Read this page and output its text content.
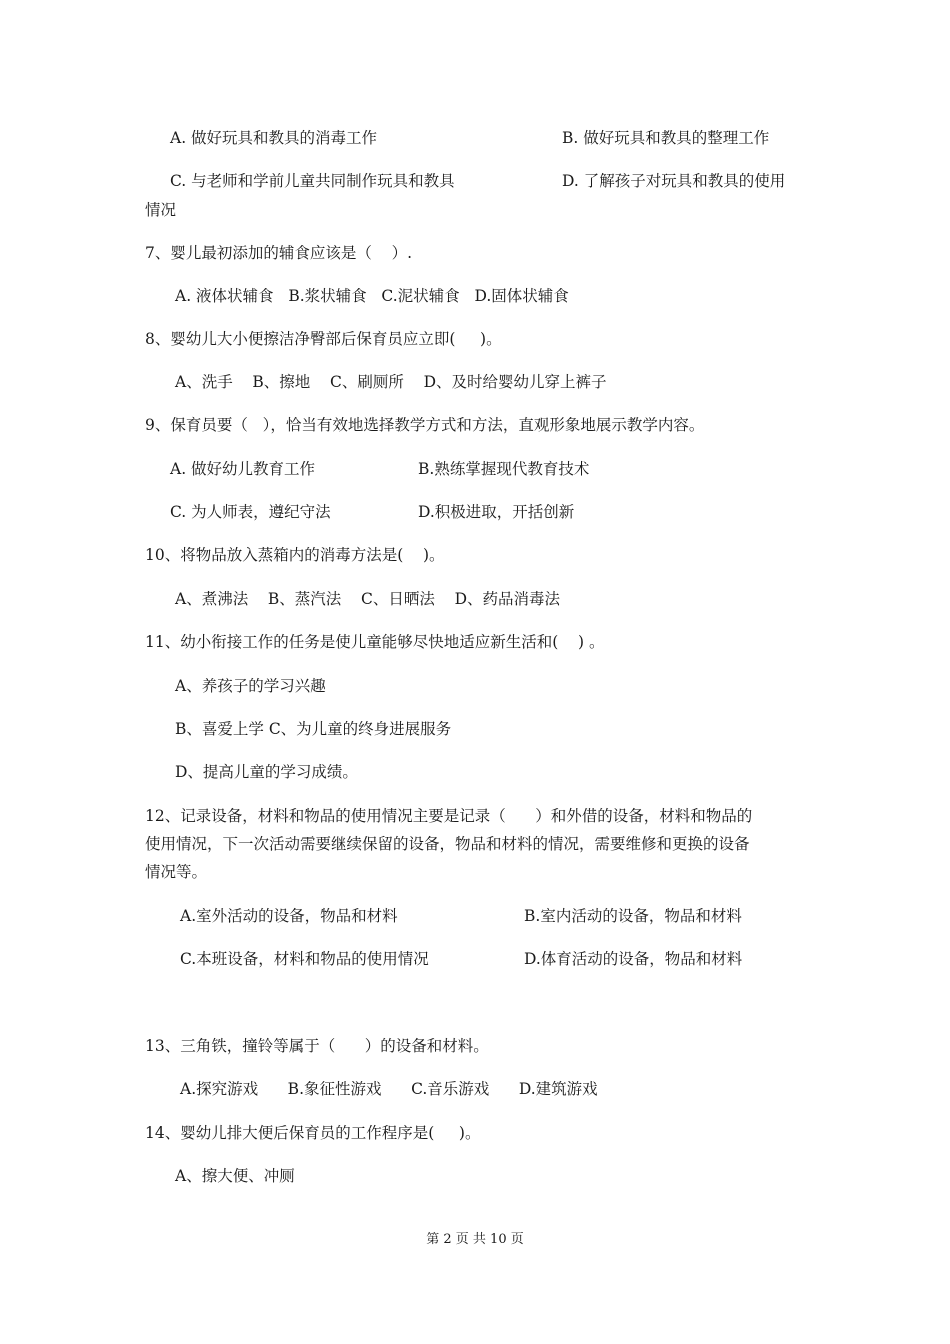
A. 做好玩具和教具的消毒工作	B. 做好玩具和教具的整理工作
C. 与老师和学前儿童共同制作玩具和教具	D. 了解孩子对玩具和教具的使用
情况
7、婴儿最初添加的辅食应该是（    ）.
A. 液体状辅食   B.浆状辅食   C.泥状辅食   D.固体状辅食
8、婴幼儿大小便擦洁净臀部后保育员应立即(     )。
A、洗手    B、擦地    C、刷厕所    D、及时给婴幼儿穿上裤子
9、保育员要（   ），恰当有效地选择教学方式和方法，直观形象地展示教学内容。
A. 做好幼儿教育工作	B.熟练掌握现代教育技术
C. 为人师表，遵纪守法	D.积极进取，开括创新
10、将物品放入蒸箱内的消毒方法是(    )。
A、煮沸法    B、蒸汽法    C、日晒法    D、药品消毒法
11、幼小衔接工作的任务是使儿童能够尽快地适应新生活和(    ) 。
A、养孩子的学习兴趣
B、喜爱上学 C、为儿童的终身进展服务
D、提高儿童的学习成绩。
12、记录设备，材料和物品的使用情况主要是记录（      ）和外借的设备，材料和物品的
使用情况，下一次活动需要继续保留的设备，物品和材料的情况，需要维修和更换的设备
情况等。
A.室外活动的设备，物品和材料	B.室内活动的设备，物品和材料
C.本班设备，材料和物品的使用情况	D.体育活动的设备，物品和材料
13、三角铁，撞铃等属于（      ）的设备和材料。
A.探究游戏      B.象征性游戏      C.音乐游戏      D.建筑游戏
14、婴幼儿排大便后保育员的工作程序是(     )。
A、擦大便、冲厕
第 2 页 共 10 页
